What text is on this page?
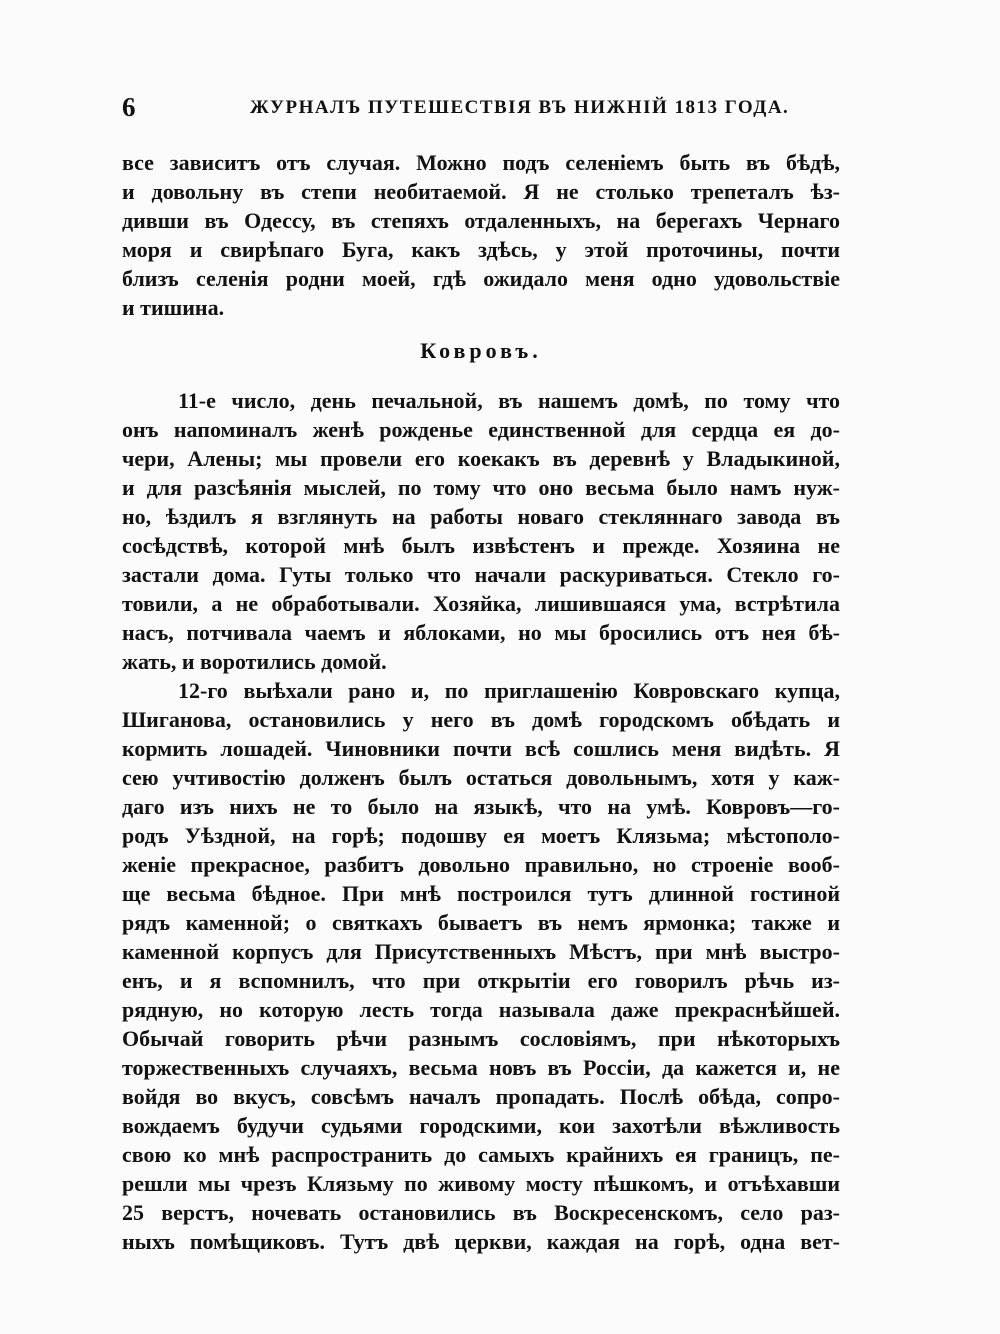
6	ЖУРНАЛЪ ПУТЕШЕСТВІЯ ВЪ НИЖНІЙ 1813 ГОДА.
все зависитъ отъ случая. Можно подъ селеніемъ быть въ бѣдѣ,
и довольну въ степи необитаемой. Я не столько трепеталъ ѣз-
дивши въ Одессу, въ степяхъ отдаленныхъ, на берегахъ Чернаго
моря и свирѣпаго Буга, какъ здѣсь, у этой проточины, почти
близъ селенія родни моей, гдѣ ожидало меня одно удовольствіе
и тишина.
Ковровъ.
11-е число, день печальной, въ нашемъ домѣ, по тому что
онъ напоминалъ женѣ рожденье единственной для сердца ея до-
чери, Алены; мы провели его коекакъ въ деревнѣ у Владыкиной,
и для разсѣянія мыслей, по тому что оно весьма было намъ нуж-
но, ѣздилъ я взглянуть на работы новаго стекляннаго завода въ
сосѣдствѣ, которой мнѣ былъ извѣстенъ и прежде. Хозяина не
застали дома. Гуты только что начали раскуриваться. Стекло го-
товили, а не обработывали. Хозяйка, лишившаяся ума, встрѣтила
насъ, потчивала чаемъ и яблоками, но мы бросились отъ нея бѣ-
жать, и воротились домой.
12-го выѣхали рано и, по приглашенію Ковровскаго купца,
Шиганова, остановились у него въ домѣ городскомъ обѣдать и
кормить лошадей. Чиновники почти всѣ сошлись меня видѣть. Я
сею учтивостію долженъ былъ остаться довольнымъ, хотя у каж-
даго изъ нихъ не то было на языкѣ, что на умѣ. Ковровъ—го-
родъ Уѣздной, на горѣ; подошву ея моетъ Клязьма; мѣстополо-
женіе прекрасное, разбитъ довольно правильно, но строеніе вооб-
ще весьма бѣдное. При мнѣ построился тутъ длинной гостиной
рядъ каменной; о святкахъ бываетъ въ немъ ярмонка; также и
каменной корпусъ для Присутственныхъ Мѣстъ, при мнѣ выстро-
енъ, и я вспомнилъ, что при открытіи его говорилъ рѣчь из-
рядную, но которую лесть тогда называла даже прекраснѣйшей.
Обычай говорить рѣчи разнымъ сословіямъ, при нѣкоторыхъ
торжественныхъ случаяхъ, весьма новъ въ Россіи, да кажется и, не
войдя во вкусъ, совсѣмъ началъ пропадать. Послѣ обѣда, сопро-
вождаемъ будучи судьями городскими, кои захотѣли вѣжливость
свою ко мнѣ распространить до самыхъ крайнихъ ея границъ, пе-
решли мы чрезъ Клязьму по живому мосту пѣшкомъ, и отъѣхавши
25 верстъ, ночевать остановились въ Воскресенскомъ, село раз-
ныхъ помѣщиковъ. Тутъ двѣ церкви, каждая на горѣ, одна вет-
